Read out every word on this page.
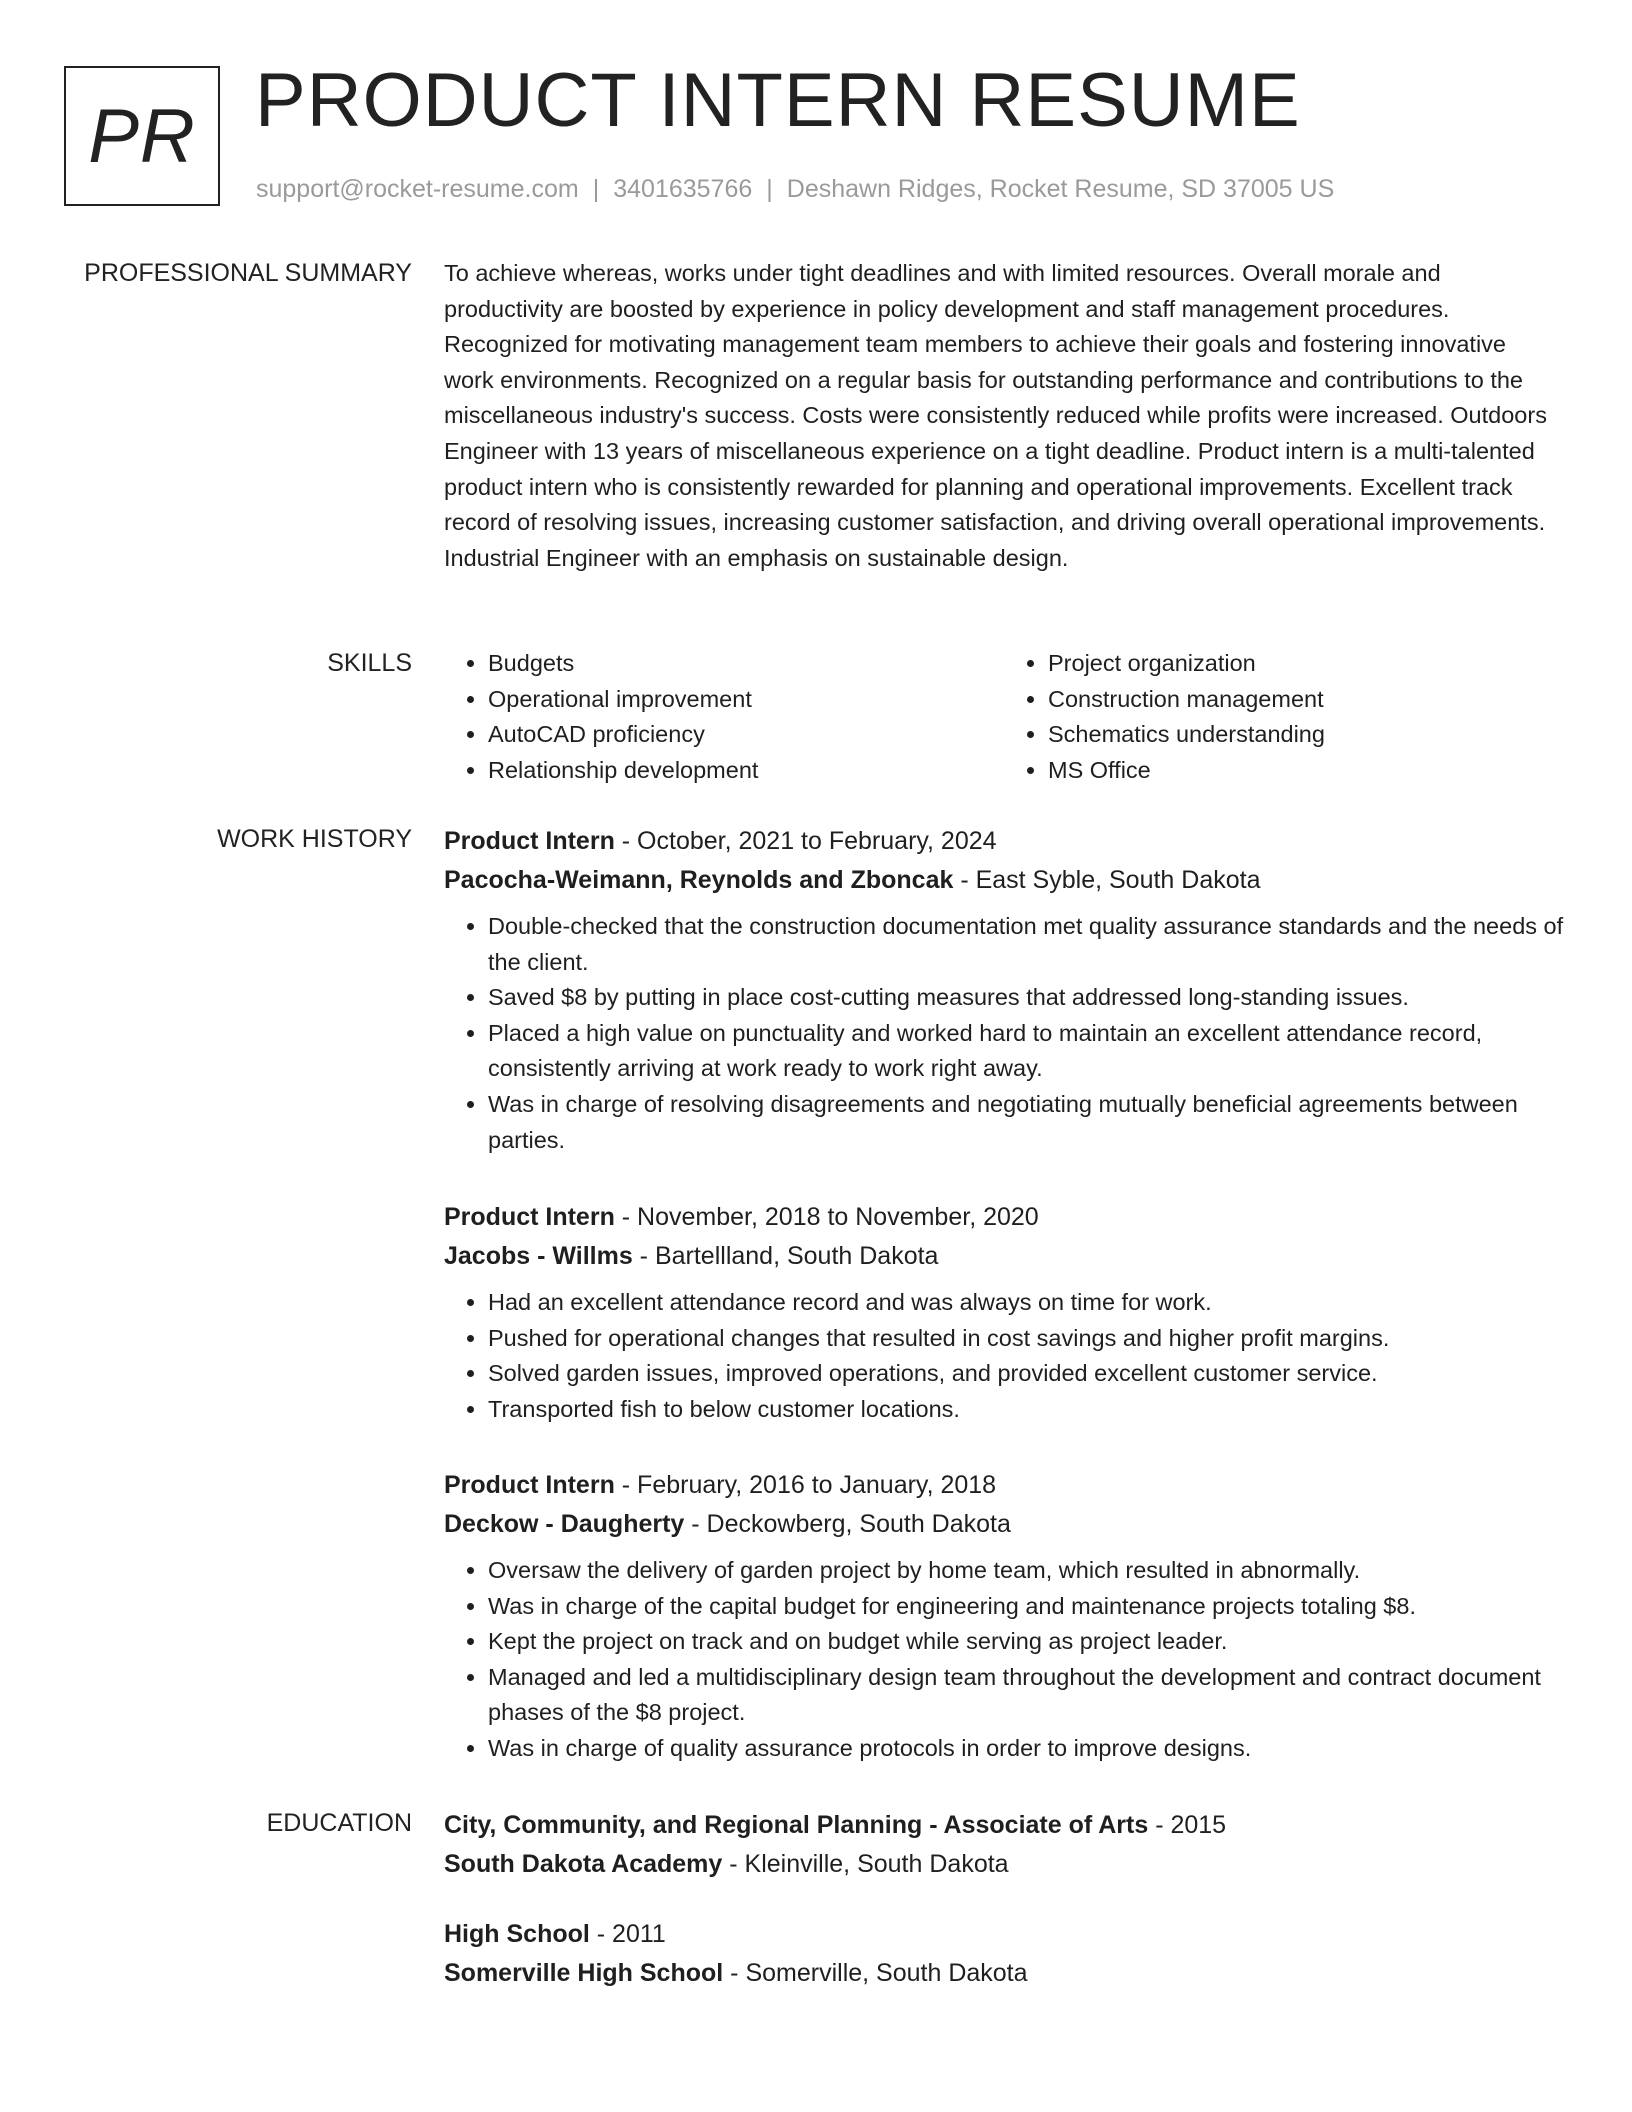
PR PRODUCT INTERN RESUME
support@rocket-resume.com | 3401635766 | Deshawn Ridges, Rocket Resume, SD 37005 US
PROFESSIONAL SUMMARY To achieve whereas, works under tight deadlines and with limited resources. Overall morale and productivity are boosted by experience in policy development and staff management procedures. Recognized for motivating management team members to achieve their goals and fostering innovative work environments. Recognized on a regular basis for outstanding performance and contributions to the miscellaneous industry's success. Costs were consistently reduced while profits were increased. Outdoors Engineer with 13 years of miscellaneous experience on a tight deadline. Product intern is a multi-talented product intern who is consistently rewarded for planning and operational improvements. Excellent track record of resolving issues, increasing customer satisfaction, and driving overall operational improvements. Industrial Engineer with an emphasis on sustainable design.
SKILLS
•	Budgets
• Operational improvement
• AutoCAD proficiency
• Relationship development
• Project organization
• Construction management
• Schematics understanding
• MS Office
WORK HISTORY Product Intern - October, 2021 to February, 2024
Pacocha-Weimann, Reynolds and Zboncak - East Syble, South Dakota
• Double-checked that the construction documentation met quality assurance standards and the needs of the client.
• Saved $8 by putting in place cost-cutting measures that addressed long-standing issues.
• Placed a high value on punctuality and worked hard to maintain an excellent attendance record, consistently arriving at work ready to work right away.
• Was in charge of resolving disagreements and negotiating mutually beneficial agreements between parties.
Product Intern - November, 2018 to November, 2020
Jacobs - Willms - Bartellland, South Dakota
• Had an excellent attendance record and was always on time for work.
• Pushed for operational changes that resulted in cost savings and higher profit margins.
• Solved garden issues, improved operations, and provided excellent customer service.
• Transported fish to below customer locations.
Product Intern - February, 2016 to January, 2018
Deckow - Daugherty - Deckowberg, South Dakota
• Oversaw the delivery of garden project by home team, which resulted in abnormally.
• Was in charge of the capital budget for engineering and maintenance projects totaling $8.
• Kept the project on track and on budget while serving as project leader.
• Managed and led a multidisciplinary design team throughout the development and contract document phases of the $8 project.
• Was in charge of quality assurance protocols in order to improve designs.
EDUCATION City, Community, and Regional Planning - Associate of Arts - 2015
South Dakota Academy - Kleinville, South Dakota
High School - 2011
Somerville High School - Somerville, South Dakota
